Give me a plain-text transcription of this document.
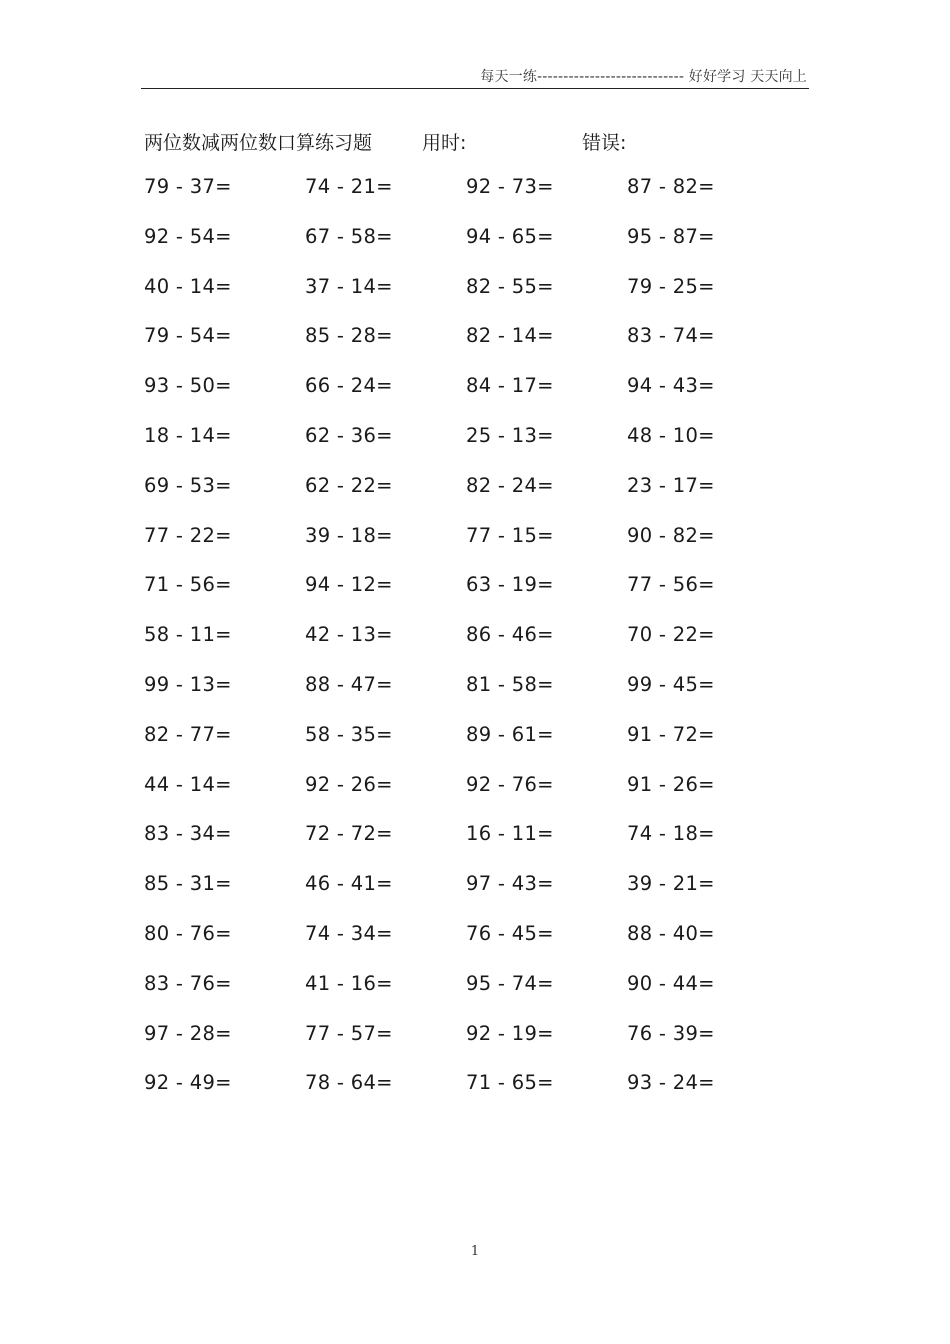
每天一练---------------------------- 好好学习 天天向上
两位数减两位数口算练习题	用时:	错误:
79 - 37=	74 - 21=	92 - 73=	87 - 82=
92 - 54=	67 - 58=	94 - 65=	95 - 87=
40 - 14=	37 - 14=	82 - 55=	79 - 25=
79 - 54=	85 - 28=	82 - 14=	83 - 74=
93 - 50=	66 - 24=	84 - 17=	94 - 43=
18 - 14=	62 - 36=	25 - 13=	48 - 10=
69 - 53=	62 - 22=	82 - 24=	23 - 17=
77 - 22=	39 - 18=	77 - 15=	90 - 82=
71 - 56=	94 - 12=	63 - 19=	77 - 56=
58 - 11=	42 - 13=	86 - 46=	70 - 22=
99 - 13=	88 - 47=	81 - 58=	99 - 45=
82 - 77=	58 - 35=	89 - 61=	91 - 72=
44 - 14=	92 - 26=	92 - 76=	91 - 26=
83 - 34=	72 - 72=	16 - 11=	74 - 18=
85 - 31=	46 - 41=	97 - 43=	39 - 21=
80 - 76=	74 - 34=	76 - 45=	88 - 40=
83 - 76=	41 - 16=	95 - 74=	90 - 44=
97 - 28=	77 - 57=	92 - 19=	76 - 39=
92 - 49=	78 - 64=	71 - 65=	93 - 24=
1
